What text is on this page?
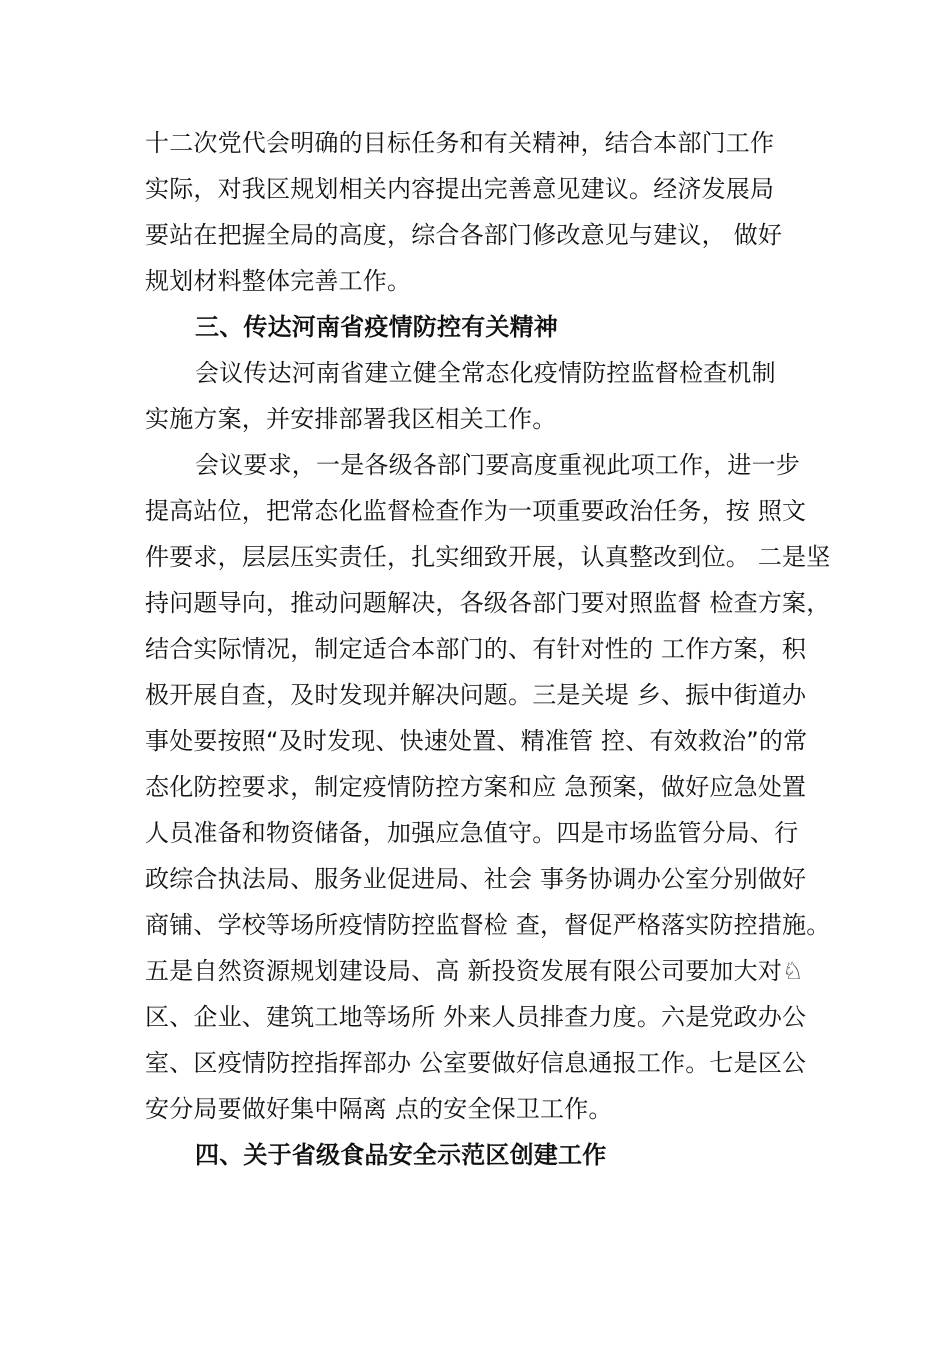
十二次党代会明确的目标任务和有关精神，结合本部门工作
实际，对我区规划相关内容提出完善意见建议。经济发展局
要站在把握全局的高度，综合各部门修改意见与建议， 做好
规划材料整体完善工作。
三、传达河南省疫情防控有关精神
会议传达河南省建立健全常态化疫情防控监督检查机制
实施方案，并安排部署我区相关工作。
会议要求，一是各级各部门要高度重视此项工作，进一步
提高站位，把常态化监督检查作为一项重要政治任务，按 照文
件要求，层层压实责任，扎实细致开展，认真整改到位。 二是坚
持问题导向，推动问题解决，各级各部门要对照监督 检查方案，
结合实际情况，制定适合本部门的、有针对性的 工作方案，积
极开展自查，及时发现并解决问题。三是关堤 乡、振中街道办
事处要按照“及时发现、快速处置、精准管 控、有效救治”的常
态化防控要求，制定疫情防控方案和应 急预案，做好应急处置
人员准备和物资储备，加强应急值守。四是市场监管分局、行
政综合执法局、服务业促进局、社会 事务协调办公室分别做好
商铺、学校等场所疫情防控监督检 查，督促严格落实防控措施。
五是自然资源规划建设局、高 新投资发展有限公司要加大对♘
区、企业、建筑工地等场所 外来人员排查力度。六是党政办公
室、区疫情防控指挥部办 公室要做好信息通报工作。七是区公
安分局要做好集中隔离 点的安全保卫工作。
四、关于省级食品安全示范区创建工作
